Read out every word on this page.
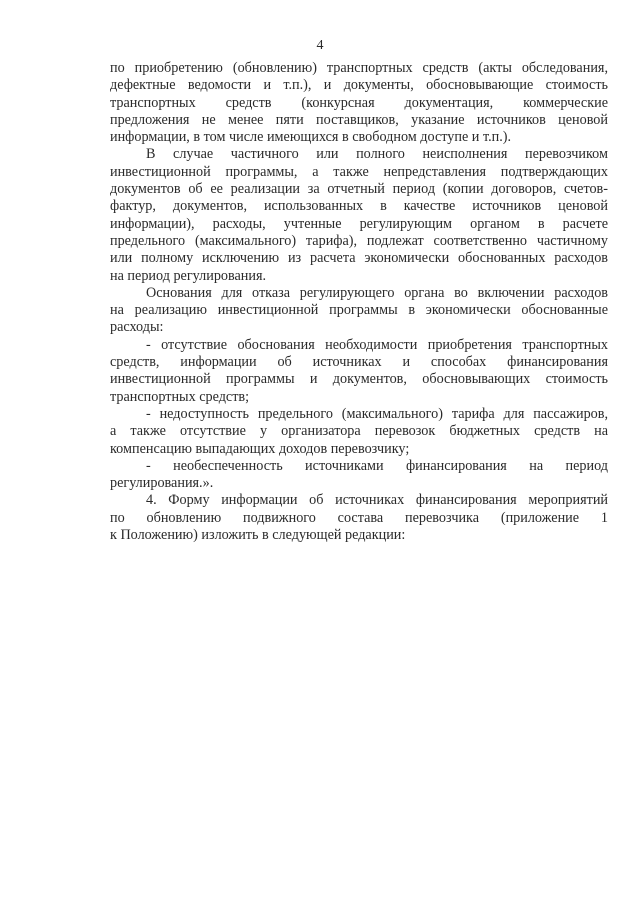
4
по приобретению (обновлению) транспортных средств (акты обследования,
дефектные ведомости и т.п.), и документы, обосновывающие стоимость
транспортных средств (конкурсная документация, коммерческие
предложения не менее пяти поставщиков, указание источников ценовой
информации, в том числе имеющихся в свободном доступе и т.п.).
В случае частичного или полного неисполнения перевозчиком
инвестиционной программы, а также непредставления подтверждающих
документов об ее реализации за отчетный период (копии договоров, счетов-
фактур, документов, использованных в качестве источников ценовой
информации), расходы, учтенные регулирующим органом в расчете
предельного (максимального) тарифа), подлежат соответственно частичному
или полному исключению из расчета экономически обоснованных расходов
на период регулирования.
Основания для отказа регулирующего органа во включении расходов
на реализацию инвестиционной программы в экономически обоснованные
расходы:
- отсутствие обоснования необходимости приобретения транспортных
средств, информации об источниках и способах финансирования
инвестиционной программы и документов, обосновывающих стоимость
транспортных средств;
- недоступность предельного (максимального) тарифа для пассажиров,
а также отсутствие у организатора перевозок бюджетных средств на
компенсацию выпадающих доходов перевозчику;
- необеспеченность источниками финансирования на период
регулирования.».
4. Форму информации об источниках финансирования мероприятий
по обновлению подвижного состава перевозчика (приложение 1
к Положению) изложить в следующей редакции:
